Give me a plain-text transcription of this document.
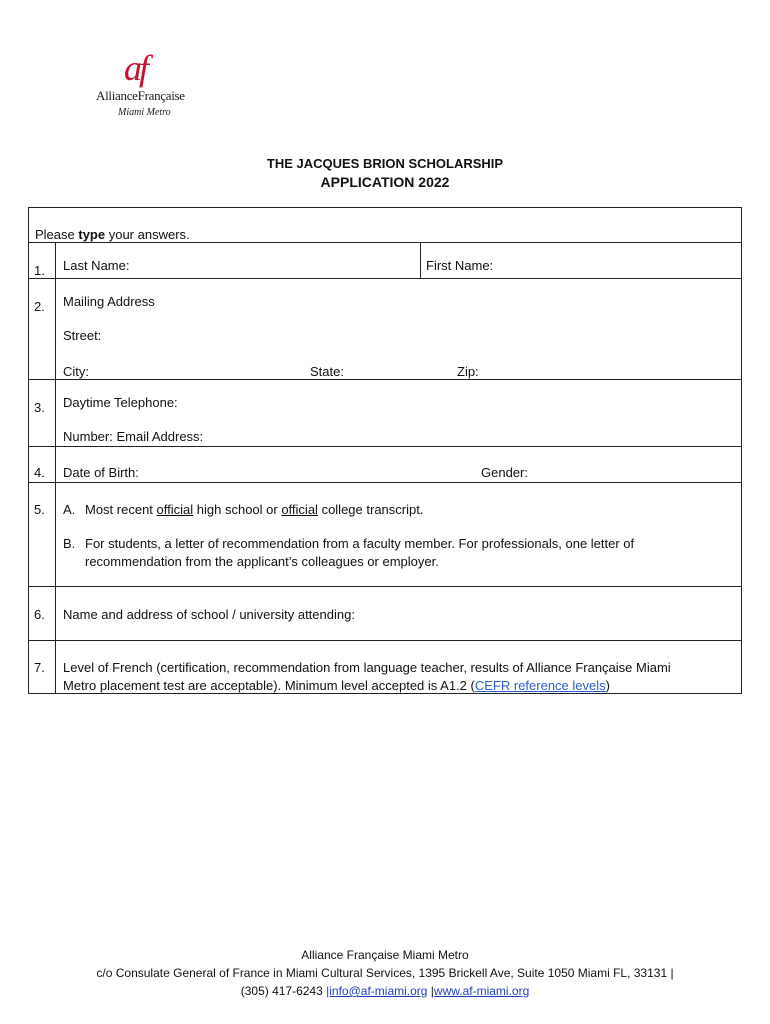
af
AllianceFrançaise
Miami Metro
THE JACQUES BRION SCHOLARSHIP
APPLICATION 2022
Please type your answers.
1. Last Name:	First Name:
2. Mailing Address
Street:
City:	State:	Zip:
3. Daytime Telephone:
Number: Email Address:
4. Date of Birth:	Gender:
5. A. Most recent official high school or official college transcript.
B. For students, a letter of recommendation from a faculty member. For professionals, one letter of
recommendation from the applicant’s colleagues or employer.
6. Name and address of school / university attending:
7. Level of French (certification, recommendation from language teacher, results of Alliance Française Miami
Metro placement test are acceptable). Minimum level accepted is A1.2 (CEFR reference levels)
Alliance Française Miami Metro
c/o Consulate General of France in Miami Cultural Services, 1395 Brickell Ave, Suite 1050 Miami FL, 33131 |
(305) 417-6243 |info@af-miami.org |www.af-miami.org
